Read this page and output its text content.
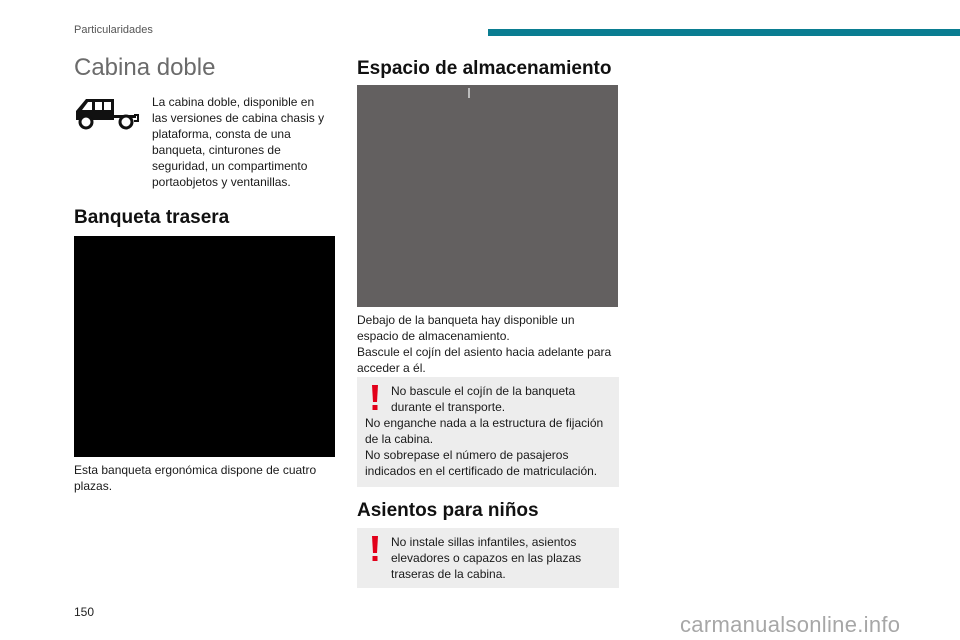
Particularidades
Cabina doble

La cabina doble, disponible en las versiones de cabina chasis y plataforma, consta de una banqueta, cinturones de seguridad, un compartimento portaobjetos y ventanillas.

Banqueta trasera

Esta banqueta ergonómica dispone de cuatro plazas.

Espacio de almacenamiento

Debajo de la banqueta hay disponible un espacio de almacenamiento.

Bascule el cojín del asiento hacia adelante para acceder a él.

No bascule el cojín de la banqueta durante el transporte.

No enganche nada a la estructura de fijación de la cabina.

No sobrepase el número de pasajeros indicados en el certificado de matriculación.

Asientos para niños

No instale sillas infantiles, asientos elevadores o capazos en las plazas traseras de la cabina.

150	carmanualsonline.info
